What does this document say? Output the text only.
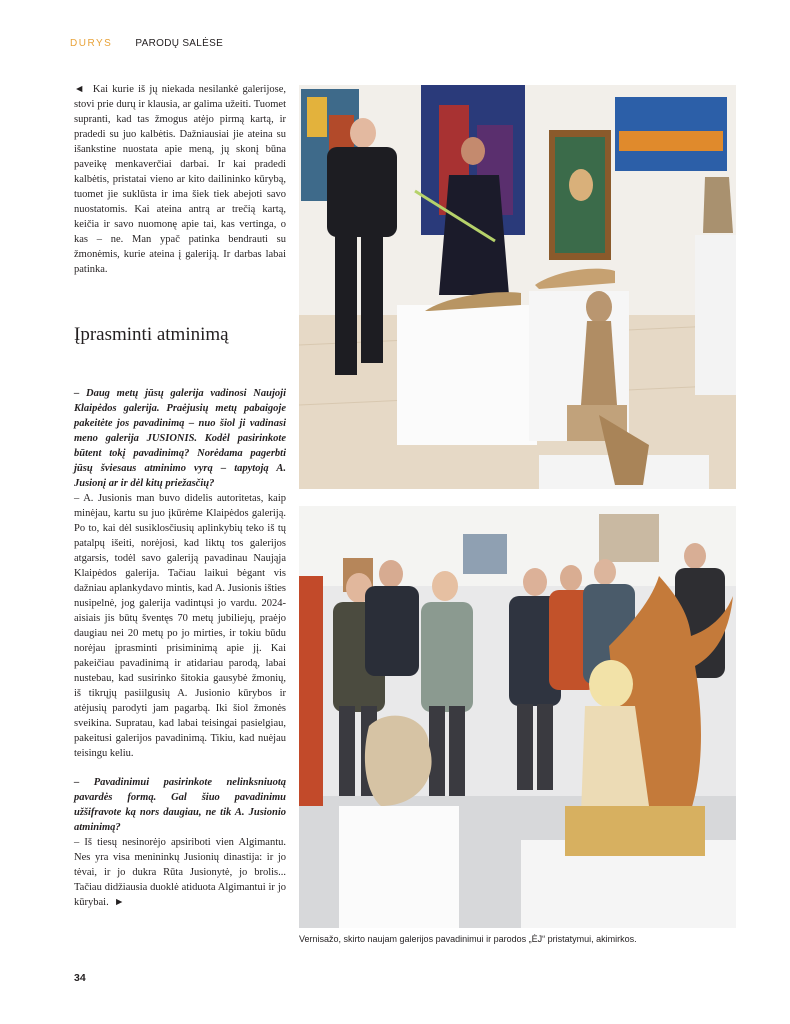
DURYS PARODŲ SALĖSE

◄ Kai kurie iš jų niekada nesilankė galerijose, stovi prie durų ir klausia, ar galima užeiti. Tuomet supranti, kad tas žmogus atėjo pirmą kartą, ir pradedi su juo kalbėtis. Dažniausiai jie ateina su išankstine nuostata apie meną, jų skonį būna paveikę menkaverčiai darbai. Ir kai pradedi kalbėtis, pristatai vieno ar kito dailininko kūrybą, tuomet jie suklūsta ir ima šiek tiek abejoti savo nuostatomis. Kai ateina antrą ar trečią kartą, keičia ir savo nuomonę apie tai, kas vertinga, o kas – ne. Man ypač patinka bendrauti su žmonėmis, kurie ateina į galeriją. Ir darbas labai patinka.

Įprasminti atminimą

– Daug metų jūsų galerija vadinosi Naujoji Klaipėdos galerija. Praėjusių metų pabaigoje pakeitėte jos pavadinimą – nuo šiol ji vadinasi meno galerija JUSIONIS. Kodėl pasirinkote būtent tokį pavadinimą? Norėdama pagerbti jūsų šviesaus atminimo vyrą – tapytoją A. Jusionį ar ir dėl kitų priežasčių?

– A. Jusionis man buvo didelis autoritetas, kaip minėjau, kartu su juo įkūrėme Klaipėdos galeriją. Po to, kai dėl susiklosčiusių aplinkybių teko iš tų patalpų išeiti, norėjosi, kad liktų tos galerijos atgarsis, todėl savo galeriją pavadinau Naująja Klaipėdos galerija. Tačiau laikui bėgant vis dažniau aplankydavo mintis, kad A. Jusionis išties nusipelnė, jog galerija vadintųsi jo vardu. 2024-aisiais jis būtų šventęs 70 metų jubiliejų, praėjo daugiau nei 20 metų po jo mirties, ir tokiu būdu norėjau įprasminti prisiminimą apie jį. Kai pakeičiau pavadinimą ir atidariau parodą, labai nustebau, kad susirinko šitokia gausybė žmonių, iš tikrųjų pasiilgusių A. Jusionio kūrybos ir atėjusių parodyti jam pagarbą. Iki šiol žmonės sveikina. Supratau, kad labai teisingai pasielgiau, pakeitusi galerijos pavadinimą. Tikiu, kad nuėjau teisingu keliu.

– Pavadinimui pasirinkote nelinksniuotą pavardės formą. Gal šiuo pavadinimu užšifravote ką nors daugiau, ne tik A. Jusionio atminimą?

– Iš tiesų nesinorėjo apsiriboti vien Algimantu. Nes yra visa menininkų Jusionių dinastija: ir jo tėvai, ir jo dukra Rūta Jusionytė, jo brolis... Tačiau didžiausia duoklė atiduota Algimantui ir jo kūrybai. ►

Vernisažo, skirto naujam galerijos pavadinimui ir parodos „ĖJ“ pristatymui, akimirkos.
34
